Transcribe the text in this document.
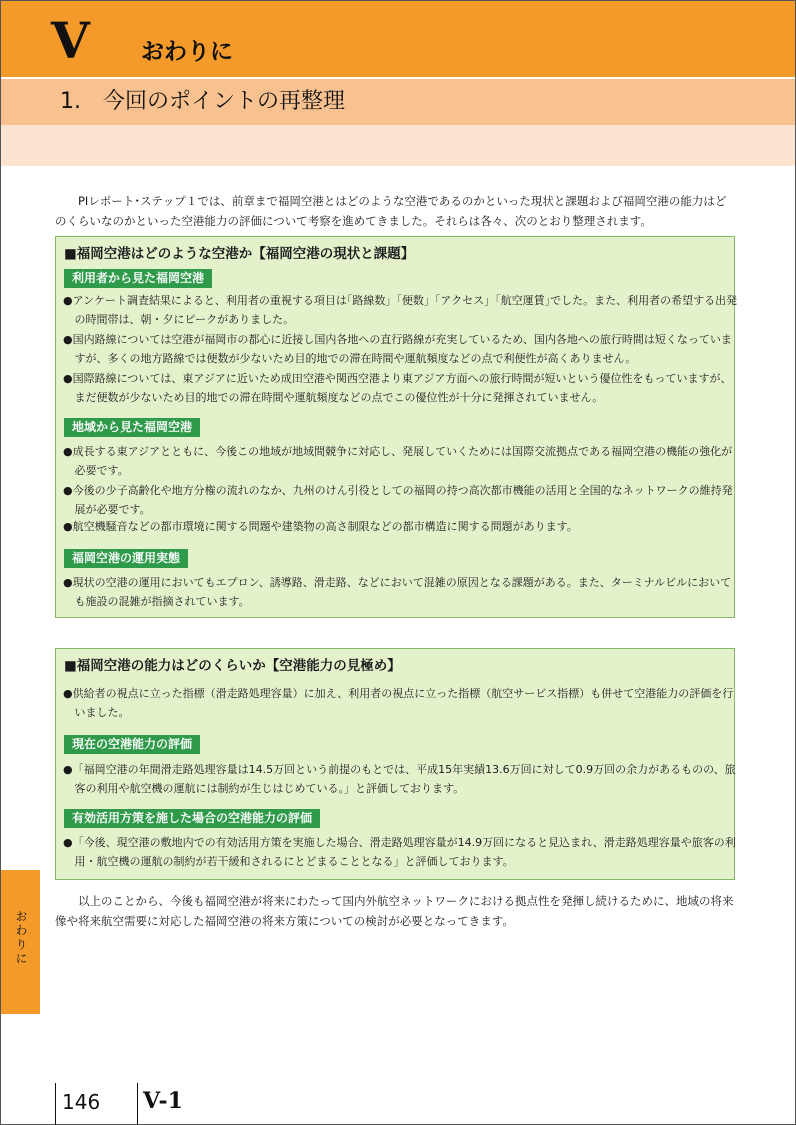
V おわりに
1.　今回のポイントの再整理
PIレポート･ステップ１では、前章まで福岡空港とはどのような空港であるのかといった現状と課題および福岡空港の能力はどのくらいなのかといった空港能力の評価について考察を進めてきました。それらは各々、次のとおり整理されます。
■福岡空港はどのような空港か【福岡空港の現状と課題】
利用者から見た福岡空港
●アンケート調査結果によると、利用者の重視する項目は｢路線数｣「便数」｢アクセス」｢航空運賃｣でした。また、利用者の希望する出発の時間帯は、朝・夕にピークがありました。
●国内路線については空港が福岡市の都心に近接し国内各地への直行路線が充実しているため、国内各地への旅行時間は短くなっていますが、多くの地方路線では便数が少ないため目的地での滞在時間や運航頻度などの点で利便性が高くありません。
●国際路線については、東アジアに近いため成田空港や関西空港より東アジア方面への旅行時間が短いという優位性をもっていますが、まだ便数が少ないため目的地での滞在時間や運航頻度などの点でこの優位性が十分に発揮されていません。
地域から見た福岡空港
●成長する東アジアとともに、今後この地域が地域間競争に対応し、発展していくためには国際交流拠点である福岡空港の機能の強化が必要です。
●今後の少子高齢化や地方分権の流れのなか、九州のけん引役としての福岡の持つ高次都市機能の活用と全国的なネットワークの維持発展が必要です。
●航空機騒音などの都市環境に関する問題や建築物の高さ制限などの都市構造に関する問題があります。
福岡空港の運用実態
●現状の空港の運用においてもエプロン、誘導路、滑走路、などにおいて混雑の原因となる課題がある。また、ターミナルビルにおいても施設の混雑が指摘されています。
■福岡空港の能力はどのくらいか【空港能力の見極め】
●供給者の視点に立った指標（滑走路処理容量）に加え、利用者の視点に立った指標（航空サービス指標）も併せて空港能力の評価を行いました。
現在の空港能力の評価
●「福岡空港の年間滑走路処理容量は14.5万回という前提のもとでは、平成15年実績13.6万回に対して0.9万回の余力があるものの、旅客の利用や航空機の運航には制約が生じはじめている。」と評価しております。
有効活用方策を施した場合の空港能力の評価
●「今後、現空港の敷地内での有効活用方策を実施した場合、滑走路処理容量が14.9万回になると見込まれ、滑走路処理容量や旅客の利用・航空機の運航の制約が若干緩和されるにとどまることとなる」と評価しております。
以上のことから、今後も福岡空港が将来にわたって国内外航空ネットワークにおける拠点性を発揮し続けるために、地域の将来像や将来航空需要に対応した福岡空港の将来方策についての検討が必要となってきます。
おわりに
146 V-1
